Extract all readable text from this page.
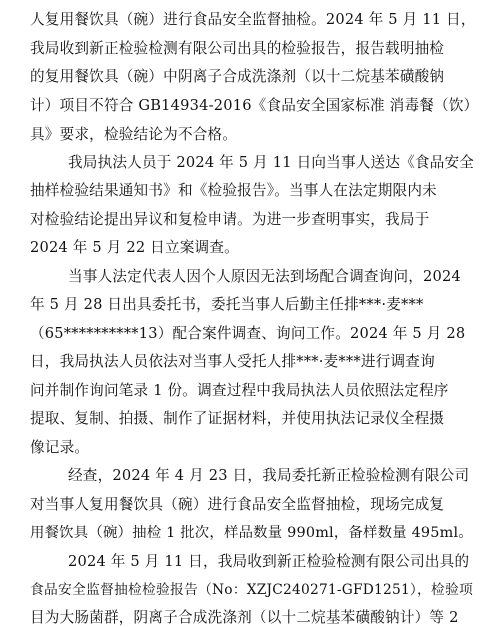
人复用餐饮具（碗）进行食品安全监督抽检。2024 年 5 月 11 日，
我局收到新正检验检测有限公司出具的检验报告，报告载明抽检
的复用餐饮具（碗）中阴离子合成洗涤剂（以十二烷基苯磺酸钠
计）项目不符合 GB14934-2016《食品安全国家标准 消毒餐（饮）
具》要求，检验结论为不合格。
我局执法人员于 2024 年 5 月 11 日向当事人送达《食品安全
抽样检验结果通知书》和《检验报告》。当事人在法定期限内未
对检验结论提出异议和复检申请。为进一步查明事实，我局于
2024 年 5 月 22 日立案调查。
当事人法定代表人因个人原因无法到场配合调查询问，2024
年 5 月 28 日出具委托书，委托当事人后勤主任排***·麦***
（65**********13）配合案件调查、询问工作。2024 年 5 月 28
日，我局执法人员依法对当事人受托人排***·麦***进行调查询
问并制作询问笔录 1 份。调查过程中我局执法人员依照法定程序
提取、复制、拍摄、制作了证据材料，并使用执法记录仪全程摄
像记录。
经查，2024 年 4 月 23 日，我局委托新正检验检测有限公司
对当事人复用餐饮具（碗）进行食品安全监督抽检，现场完成复
用餐饮具（碗）抽检 1 批次，样品数量 990ml，备样数量 495ml。
2024 年 5 月 11 日，我局收到新正检验检测有限公司出具的
食品安全监督抽检检验报告（No：XZJC240271-GFD1251），检验项
目为大肠菌群，阴离子合成洗涤剂（以十二烷基苯磺酸钠计）等 2
